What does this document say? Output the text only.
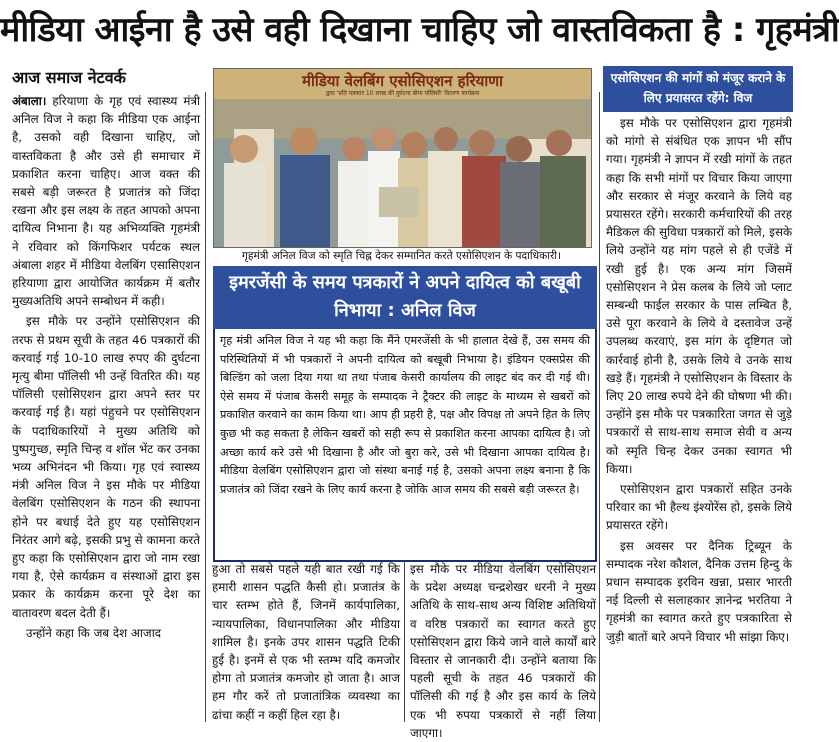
मीडिया आईना है उसे वही दिखाना चाहिए जो वास्तविकता है : गृहमंत्री
आज समाज नेटवर्क

अंबाला। हरियाणा के गृह एवं स्वास्थ्य मंत्री अनिल विज ने कहा कि मीडिया एक आईना है, उसको वही दिखाना चाहिए, जो वास्तविकता है और उसे ही समाचार में प्रकाशित करना चाहिए। आज वक्त की सबसे बड़ी जरूरत है प्रजातंत्र को जिंदा रखना और इस लक्ष्य के तहत आपको अपना दायित्व निभाना है। यह अभिव्यक्ति गृहमंत्री ने रविवार को किंगफिशर पर्यटक स्थल अंबाला शहर में मीडिया वेलबिंग एसासिएशन हरियाणा द्वारा आयोजित कार्यक्रम में बतौर मुख्यअतिथि अपने सम्बोधन में कही।

इस मौके पर उन्होंने एसोसिएशन की तरफ से प्रथम सूची के तहत 46 पत्रकारों की करवाई गई 10-10 लाख रुपए की दुर्घटना मृत्यु बीमा पॉलिसी भी उन्हें वितरित की। यह पॉलिसी एसोसिएशन द्वारा अपने स्तर पर करवाई गई है। यहां पंहुचने पर एसोसिएशन के पदाधिकारियों ने मुख्य अतिथि को पुष्पगुच्छ, स्मृति चिन्ह व शॉल भेंट कर उनका भव्य अभिनंदन भी किया। गृह एवं स्वास्थ्य मंत्री अनिल विज ने इस मौके पर मीडिया वेलबिंग एसोसिएशन के गठन की स्थापना होने पर बधाई देते हुए यह एसोसिएशन निरंतर आगे बढ़े, इसकी प्रभु से कामना करते हुए कहा कि एसोसिएशन द्वारा जो नाम रखा गया है, ऐसे कार्यक्रम व संस्थाओं द्वारा इस प्रकार के कार्यक्रम करना पूरे देश का वातावरण बदल देती हैं।

उन्होंने कहा कि जब देश आजाद

मीडिया वेलबिंग एसोसिएशन हरियाणा
द्वारा 'प्रति पत्रकार 10 लाख की दुर्घटना बीमा पॉलिसी' वितरण कार्यक्रम
गृहमंत्री अनिल विज को स्मृति चिह्न देकर सम्मानित करते एसोसिएशन के पदाधिकारी।
इमरजेंसी के समय पत्रकारों ने अपने दायित्व को बखूबी निभाया : अनिल विज
गृह मंत्री अनिल विज ने यह भी कहा कि मैंने एमरजेंसी के भी हालात देखे हैं, उस समय की परिस्थितियों में भी पत्रकारों ने अपनी दायित्व को बखूबी निभाया है। इंडियन एक्सप्रेस की बिल्डिंग को जला दिया गया था तथा पंजाब केसरी कार्यालय की लाइट बंद कर दी गई थी। ऐसे समय में पंजाब केसरी समूह के सम्पादक ने ट्रैक्टर की लाइट के माध्यम से खबरों को प्रकाशित करवाने का काम किया था। आप ही प्रहरी है, पक्ष और विपक्ष तो अपने हित के लिए कुछ भी कह सकता है लेकिन खबरों को सही रूप से प्रकाशित करना आपका दायित्व है। जो अच्छा कार्य करे उसे भी दिखाना है और जो बुरा करे, उसे भी दिखाना आपका दायित्व है। मीडिया वेलबिंग एसोसिएशन द्वारा जो संस्था बनाई गई है, उसको अपना लक्ष्य बनाना है कि प्रजातंत्र को जिंदा रखने के लिए कार्य करना है जोकि आज समय की सबसे बड़ी जरूरत है।

हुआ तो सबसे पहले यही बात रखी गई कि हमारी शासन पद्धति कैसी हो। प्रजातंत्र के चार स्तम्भ होते हैं, जिनमें कार्यपालिका, न्यायपालिका, विधानपालिका और मीडिया शामिल है। इनके उपर शासन पद्धति टिकी हुई है। इनमें से एक भी स्तम्भ यदि कमजोर होगा तो प्रजातंत्र कमजोर हो जाता है। आज हम गौर करें तो प्रजातांत्रिक व्यवस्था का ढांचा कहीं न कहीं हिल रहा है।

इस मौके पर मीडिया वेलबिंग एसोसिएशन के प्रदेश अध्यक्ष चन्द्रशेखर धरनी ने मुख्य अतिथि के साथ-साथ अन्य विशिष्ट अतिथियों व वरिष्ठ पत्रकारों का स्वागत करते हुए एसोसिएशन द्वारा किये जाने वाले कार्यों बारे विस्तार से जानकारी दी। उन्होंने बताया कि पहली सूची के तहत 46 पत्रकारों की पॉलिसी की गई है और इस कार्य के लिये एक भी रुपया पत्रकारों से नहीं लिया जाएगा।

एसोसिएशन की मांगों को मंजूर कराने के लिए प्रयासरत रहेंगे: विज

इस मौके पर एसोसिएशन द्वारा गृहमंत्री को मांगो से संबंधित एक ज्ञापन भी सौंप गया। गृहमंत्री ने ज्ञापन में रखी मांगों के तहत कहा कि सभी मांगों पर विचार किया जाएगा और सरकार से मंजूर करवाने के लिये वह प्रयासरत रहेंगे। सरकारी कर्मचारियों की तरह मैडिकल की सुविधा पत्रकारों को मिले, इसके लिये उन्होंने यह मांग पहले से ही एजेंडे में रखी हुई है। एक अन्य मांग जिसमें एसोसिएशन ने प्रेस कलब के लिये जो प्लाट सम्बन्धी फाईल सरकार के पास लम्बित है, उसे पूरा करवाने के लिये वे दस्तावेज उन्हें उपलब्ध करवाएं, इस मांग के दृष्टिगत जो कार्रवाई होनी है, उसके लिये वे उनके साथ खड़े हैं। गृहमंत्री ने एसोसिएशन के विस्तार के लिए 20 लाख रुपये देने की घोषणा भी की। उन्होंने इस मौके पर पत्रकारिता जगत से जुड़े पत्रकारों से साथ-साथ समाज सेवी व अन्य को स्मृति चिन्ह देकर उनका स्वागत भी किया।

एसोसिएशन द्वारा पत्रकारों सहित उनके परिवार का भी हैल्थ इंश्योरेंस हो, इसके लिये प्रयासरत रहेंगे।

इस अवसर पर दैनिक ट्रिब्यून के सम्पादक नरेश कौशल, दैनिक उत्तम हिन्दु के प्रधान सम्पादक इरविन खन्ना, प्रसार भारती नई दिल्ली से सलाहकार ज्ञानेन्द्र भरतिया ने गृहमंत्री का स्वागत करते हुए पत्रकारिता से जुड़ी बातों बारे अपने विचार भी सांझा किए।
